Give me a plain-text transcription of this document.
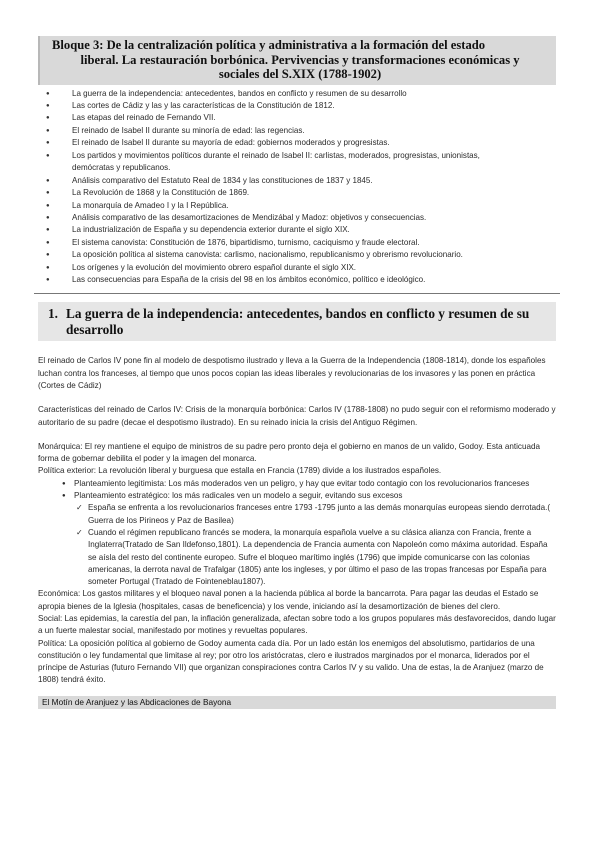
Bloque 3: De la centralización política y administrativa a la formación del estado
liberal. La restauración borbónica. Pervivencias y transformaciones económicas y
sociales del S.XIX (1788-1902)
● La guerra de la independencia: antecedentes, bandos en conflicto y resumen de su desarrollo
● Las cortes de Cádiz y las y las características de la Constitución de 1812.
● Las etapas del reinado de Fernando VII.
● El reinado de Isabel II durante su minoría de edad: las regencias.
● El reinado de Isabel II durante su mayoría de edad: gobiernos moderados y progresistas.
● Los partidos y movimientos políticos durante el reinado de Isabel II: carlistas, moderados, progresistas, unionistas,
demócratas y republicanos.
● Análisis comparativo del Estatuto Real de 1834 y las constituciones de 1837 y 1845.
● La Revolución de 1868 y la Constitución de 1869.
● La monarquía de Amadeo I y la I República.
● Análisis comparativo de las desamortizaciones de Mendizábal y Madoz: objetivos y consecuencias.
● La industrialización de España y su dependencia exterior durante el siglo XIX.
● El sistema canovista: Constitución de 1876, bipartidismo, turnismo, caciquismo y fraude electoral.
● La oposición política al sistema canovista: carlismo, nacionalismo, republicanismo y obrerismo revolucionario.
● Los orígenes y la evolución del movimiento obrero español durante el siglo XIX.
● Las consecuencias para España de la crisis del 98 en los ámbitos económico, político e ideológico.
1. La guerra de la independencia: antecedentes, bandos en conflicto y resumen de su desarrollo

El reinado de Carlos IV pone fin al modelo de despotismo ilustrado y lleva a la Guerra de la Independencia (1808-1814), donde los españoles luchan contra los franceses, al tiempo que unos pocos copian las ideas liberales y revolucionarias de los invasores y las ponen en práctica (Cortes de Cádiz)

Características del reinado de Carlos IV: Crisis de la monarquía borbónica: Carlos IV (1788-1808) no pudo seguir con el reformismo moderado y autoritario de su padre (decae el despotismo ilustrado). En su reinado inicia la crisis del Antiguo Régimen.

Monárquica: El rey mantiene el equipo de ministros de su padre pero pronto deja el gobierno en manos de un valido, Godoy. Esta anticuada forma de gobernar debilita el poder y la imagen del monarca.

Política exterior: La revolución liberal y burguesa que estalla en Francia (1789) divide a los ilustrados españoles.

● Planteamiento legitimista: Los más moderados ven un peligro, y hay que evitar todo contagio con los revolucionarios franceses
● Planteamiento estratégico: los más radicales ven un modelo a seguir, evitando sus excesos
✓ España se enfrenta a los revolucionarios franceses entre 1793 -1795 junto a las demás monarquías europeas siendo derrotada.( Guerra de los Pirineos y Paz de Basilea)
✓ Cuando el régimen republicano francés se modera, la monarquía española vuelve a su clásica alianza con Francia, frente a Inglaterra(Tratado de San Ildefonso,1801). La dependencia de Francia aumenta con Napoleón como máxima autoridad. España se aísla del resto del continente europeo. Sufre el bloqueo marítimo inglés (1796) que impide comunicarse con las colonias americanas, la derrota naval de Trafalgar (1805) ante los ingleses, y por último el paso de las tropas francesas por España para someter Portugal (Tratado de Fointeneblau1807).

Económica: Los gastos militares y el bloqueo naval ponen a la hacienda pública al borde la bancarrota. Para pagar las deudas el Estado se apropia bienes de la Iglesia (hospitales, casas de beneficencia) y los vende, iniciando así la desamortización de bienes del clero.

Social: Las epidemias, la carestía del pan, la inflación generalizada, afectan sobre todo a los grupos populares más desfavorecidos, dando lugar a un fuerte malestar social, manifestado por motines y revueltas populares.

Política: La oposición política al gobierno de Godoy aumenta cada día. Por un lado están los enemigos del absolutismo, partidarios de una constitución o ley fundamental que limitase al rey; por otro los aristócratas, clero e ilustrados marginados por el monarca, liderados por el príncipe de Asturias (futuro Fernando VII) que organizan conspiraciones contra Carlos IV y su valido. Una de estas, la de Aranjuez (marzo de 1808) tendrá éxito.

El Motín de Aranjuez y las Abdicaciones de Bayona
